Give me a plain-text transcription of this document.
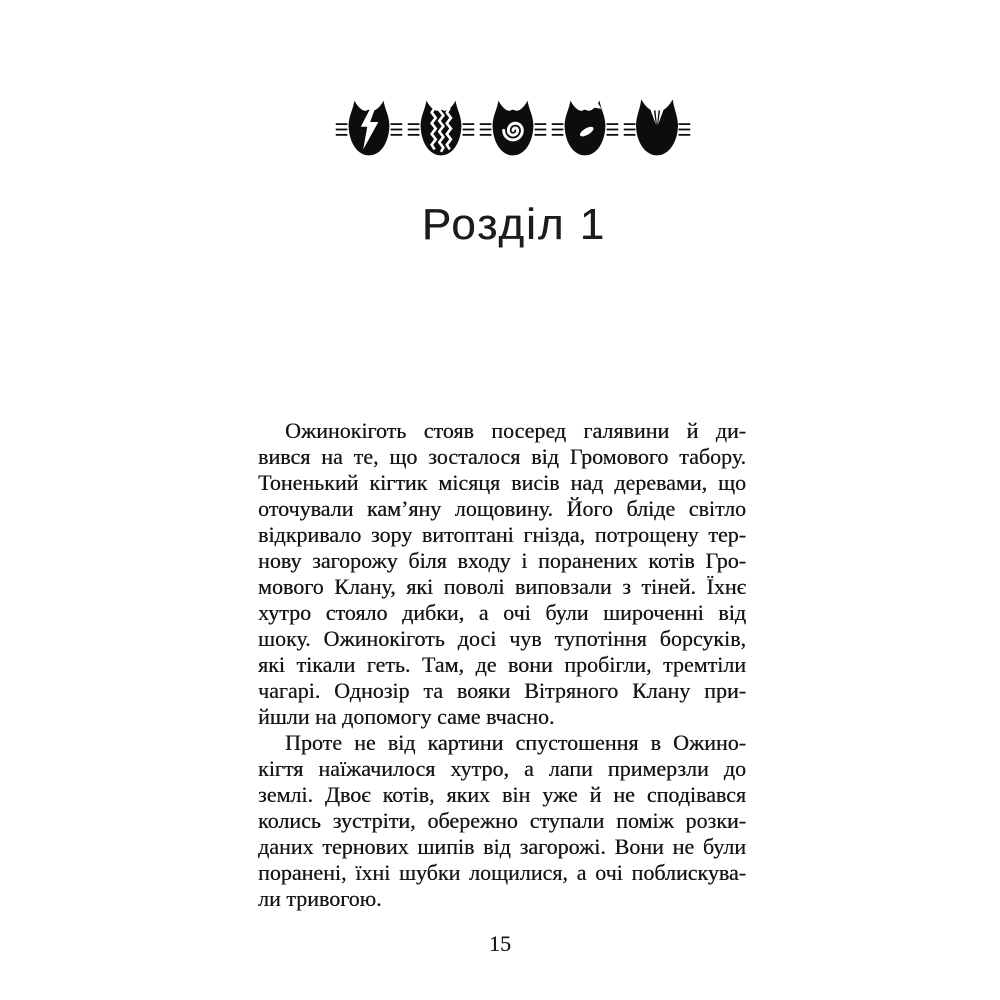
Розділ 1
Ожинокіготь стояв посеред галявини й ди-
вився на те, що зосталося від Громового табору.
Тоненький кігтик місяця висів над деревами, що
оточували кам’яну лощовину. Його бліде світло
відкривало зору витоптані гнізда, потрощену тер-
нову загорожу біля входу і поранених котів Гро-
мового Клану, які поволі виповзали з тіней. Їхнє
хутро стояло дибки, а очі були широченні від
шоку. Ожинокіготь досі чув тупотіння борсуків,
які тікали геть. Там, де вони пробігли, тремтіли
чагарі. Однозір та вояки Вітряного Клану при-
йшли на допомогу саме вчасно.
Проте не від картини спустошення в Ожино-
кігтя наїжачилося хутро, а лапи примерзли до
землі. Двоє котів, яких він уже й не сподівався
колись зустріти, обережно ступали поміж розки-
даних тернових шипів від загорожі. Вони не були
поранені, їхні шубки лощилися, а очі поблискува-
ли тривогою.
15
